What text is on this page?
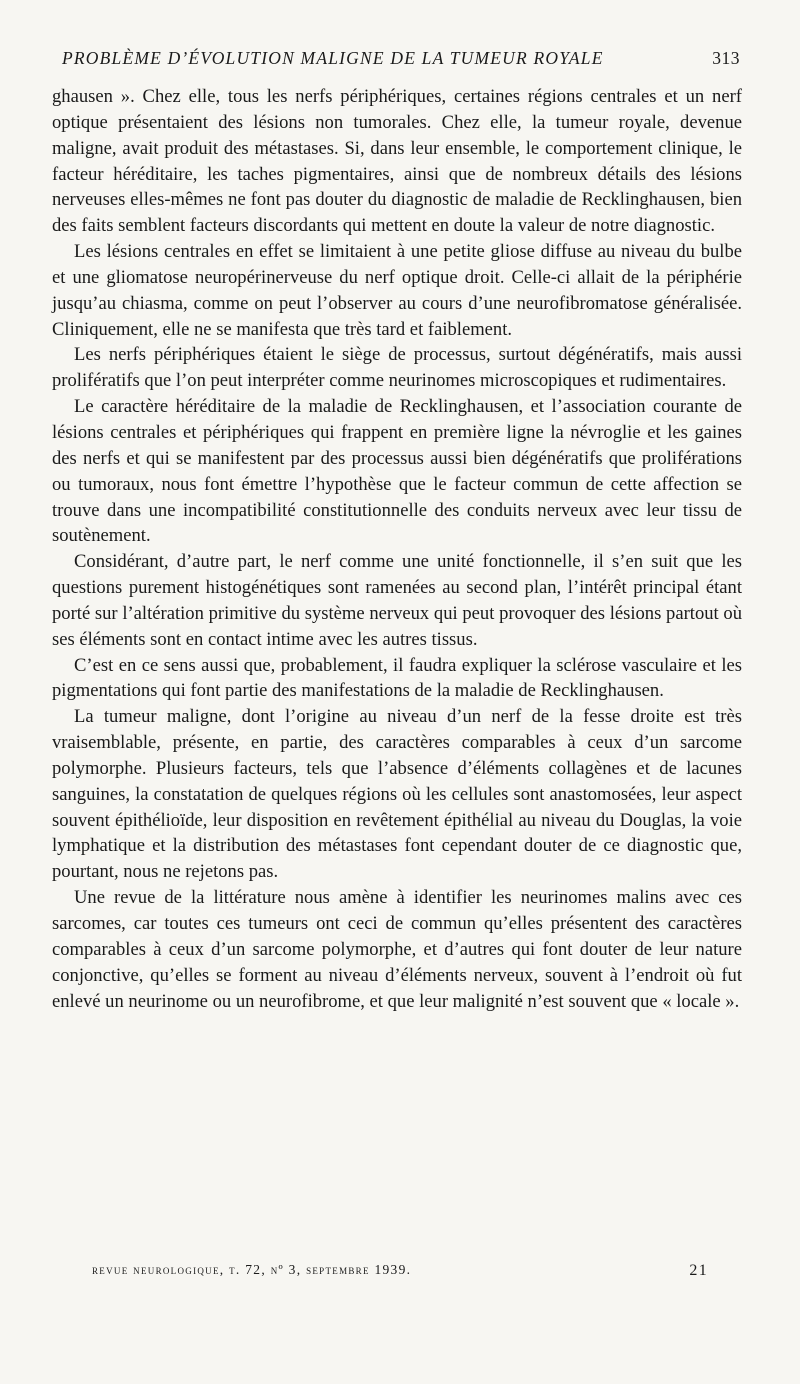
PROBLÈME D’ÉVOLUTION MALIGNE DE LA TUMEUR ROYALE	313

ghausen ». Chez elle, tous les nerfs périphériques, certaines régions centrales et un nerf optique présentaient des lésions non tumorales. Chez elle, la tumeur royale, devenue maligne, avait produit des métastases. Si, dans leur ensemble, le comportement clinique, le facteur héréditaire, les taches pigmentaires, ainsi que de nombreux détails des lésions nerveuses elles-mêmes ne font pas douter du diagnostic de maladie de Recklinghausen, bien des faits semblent facteurs discordants qui mettent en doute la valeur de notre diagnostic.

Les lésions centrales en effet se limitaient à une petite gliose diffuse au niveau du bulbe et une gliomatose neuropérinerveuse du nerf optique droit. Celle-ci allait de la périphérie jusqu’au chiasma, comme on peut l’observer au cours d’une neurofibromatose généralisée. Cliniquement, elle ne se manifesta que très tard et faiblement.

Les nerfs périphériques étaient le siège de processus, surtout dégénératifs, mais aussi prolifératifs que l’on peut interpréter comme neurinomes microscopiques et rudimentaires.

Le caractère héréditaire de la maladie de Recklinghausen, et l’association courante de lésions centrales et périphériques qui frappent en première ligne la névroglie et les gaines des nerfs et qui se manifestent par des processus aussi bien dégénératifs que proliférations ou tumoraux, nous font émettre l’hypothèse que le facteur commun de cette affection se trouve dans une incompatibilité constitutionnelle des conduits nerveux avec leur tissu de soutènement.

Considérant, d’autre part, le nerf comme une unité fonctionnelle, il s’en suit que les questions purement histogénétiques sont ramenées au second plan, l’intérêt principal étant porté sur l’altération primitive du système nerveux qui peut provoquer des lésions partout où ses éléments sont en contact intime avec les autres tissus.

C’est en ce sens aussi que, probablement, il faudra expliquer la sclérose vasculaire et les pigmentations qui font partie des manifestations de la maladie de Recklinghausen.

La tumeur maligne, dont l’origine au niveau d’un nerf de la fesse droite est très vraisemblable, présente, en partie, des caractères comparables à ceux d’un sarcome polymorphe. Plusieurs facteurs, tels que l’absence d’éléments collagènes et de lacunes sanguines, la constatation de quelques régions où les cellules sont anastomosées, leur aspect souvent épithélioïde, leur disposition en revêtement épithélial au niveau du Douglas, la voie lymphatique et la distribution des métastases font cependant douter de ce diagnostic que, pourtant, nous ne rejetons pas.

Une revue de la littérature nous amène à identifier les neurinomes malins avec ces sarcomes, car toutes ces tumeurs ont ceci de commun qu’elles présentent des caractères comparables à ceux d’un sarcome polymorphe, et d’autres qui font douter de leur nature conjonctive, qu’elles se forment au niveau d’éléments nerveux, souvent à l’endroit où fut enlevé un neurinome ou un neurofibrome, et que leur malignité n’est souvent que « locale ».

revue neurologique, t. 72, nº 3, septembre 1939.	21
